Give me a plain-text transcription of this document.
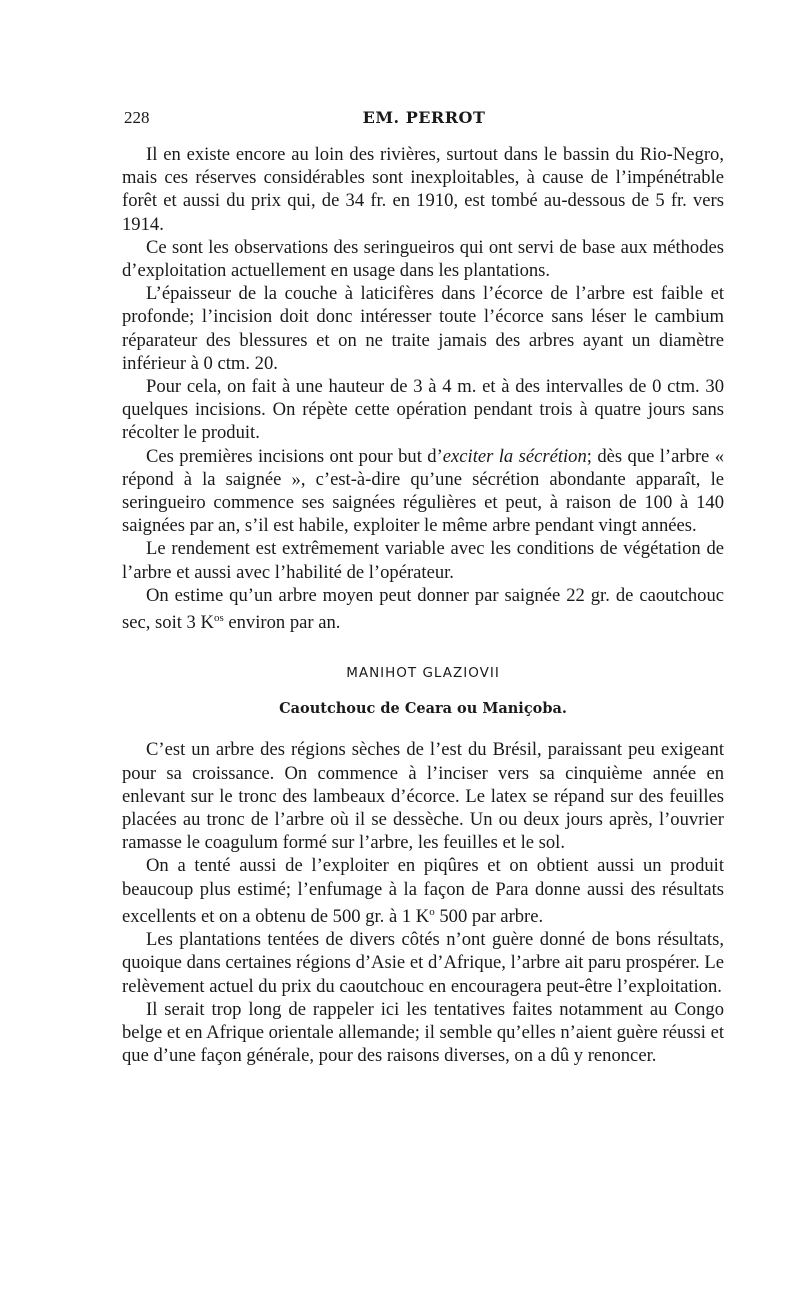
228	EM. PERROT

Il en existe encore au loin des rivières, surtout dans le bassin du Rio-Negro, mais ces réserves considérables sont inexploitables, à cause de l’impénétrable forêt et aussi du prix qui, de 34 fr. en 1910, est tombé au-dessous de 5 fr. vers 1914.

Ce sont les observations des seringueiros qui ont servi de base aux méthodes d’exploitation actuellement en usage dans les plantations.

L’épaisseur de la couche à laticifères dans l’écorce de l’arbre est faible et profonde; l’incision doit donc intéresser toute l’écorce sans léser le cambium réparateur des blessures et on ne traite jamais des arbres ayant un diamètre inférieur à 0 ctm. 20.

Pour cela, on fait à une hauteur de 3 à 4 m. et à des intervalles de 0 ctm. 30 quelques incisions. On répète cette opération pendant trois à quatre jours sans récolter le produit.

Ces premières incisions ont pour but d’exciter la sécrétion; dès que l’arbre « répond à la saignée », c’est-à-dire qu’une sécrétion abondante apparaît, le seringueiro commence ses saignées régulières et peut, à raison de 100 à 140 saignées par an, s’il est habile, exploiter le même arbre pendant vingt années.

Le rendement est extrêmement variable avec les conditions de végétation de l’arbre et aussi avec l’habilité de l’opérateur.

On estime qu’un arbre moyen peut donner par saignée 22 gr. de caoutchouc sec, soit 3 $K^{os}$ environ par an.

MANIHOT GLAZIOVII
Caoutchouc de Ceara ou Maniçoba.

C’est un arbre des régions sèches de l’est du Brésil, paraissant peu exigeant pour sa croissance. On commence à l’inciser vers sa cinquième année en enlevant sur le tronc des lambeaux d’écorce. Le latex se répand sur des feuilles placées au tronc de l’arbre où il se dessèche. Un ou deux jours après, l’ouvrier ramasse le coagulum formé sur l’arbre, les feuilles et le sol.

On a tenté aussi de l’exploiter en piqûres et on obtient aussi un produit beaucoup plus estimé; l’enfumage à la façon de Para donne aussi des résultats excellents et on a obtenu de 500 gr. à 1 $K^o$ 500 par arbre.

Les plantations tentées de divers côtés n’ont guère donné de bons résultats, quoique dans certaines régions d’Asie et d’Afrique, l’arbre ait paru prospérer. Le relèvement actuel du prix du caoutchouc en encouragera peut-être l’exploitation.

Il serait trop long de rappeler ici les tentatives faites notamment au Congo belge et en Afrique orientale allemande; il semble qu’elles n’aient guère réussi et que d’une façon générale, pour des raisons diverses, on a dû y renoncer.
